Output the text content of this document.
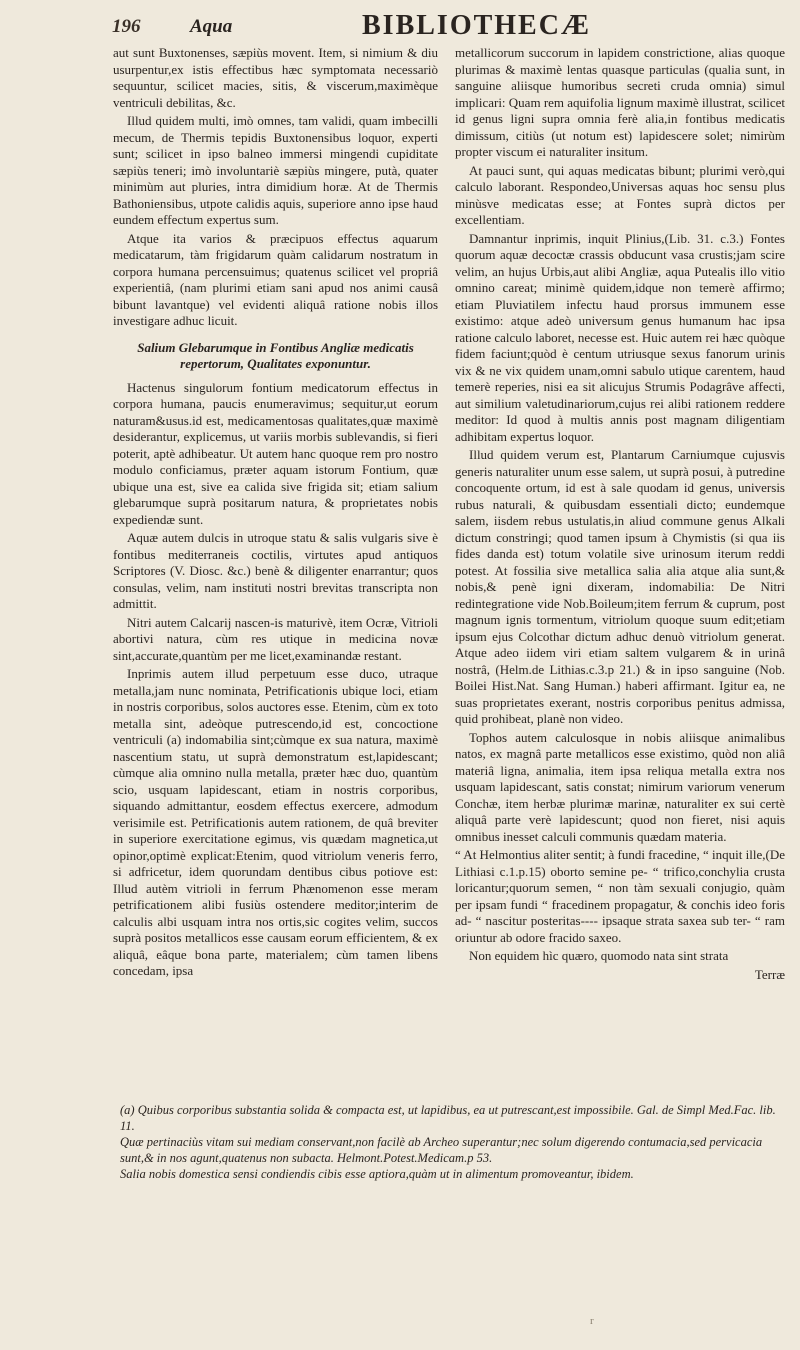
196	Aqua	BIBLIOTHECÆ

aut sunt Buxtonenses, sæpiùs movent. Item, si nimium & diu usurpentur,ex istis effectibus hæc symptomata necessariò sequuntur, scilicet macies, sitis, & viscerum,maximèque ventriculi debilitas, &c.

Illud quidem multi, imò omnes, tam validi, quam imbecilli mecum, de Thermis tepidis Buxtonensibus loquor, experti sunt; scilicet in ipso balneo immersi mingendi cupiditate sæpiùs teneri; imò involuntariè sæpiùs mingere, putà, quater minimùm aut pluries, intra dimidium horæ. At de Thermis Bathoniensibus, utpote calidis aquis, superiore anno ipse haud eundem effectum expertus sum.

Atque ita varios & præcipuos effectus aquarum medicatarum, tàm frigidarum quàm calidarum nostratum in corpora humana percensuimus; quatenus scilicet vel propriâ experientiâ, (nam plurimi etiam sani apud nos animi causâ bibunt lavantque) vel evidenti aliquâ ratione nobis illos investigare adhuc licuit.

Salium Glebarumque in Fontibus Angliæ medicatis repertorum, Qualitates exponuntur.

Hactenus singulorum fontium medicatorum effectus in corpora humana, paucis enumeravimus; sequitur,ut eorum naturam&usus.id est, medicamentosas qualitates,quæ maximè desiderantur, explicemus, ut variis morbis sublevandis, si fieri poterit, aptè adhibeatur. Ut autem hanc quoque rem pro nostro modulo conficiamus, præter aquam istorum Fontium, quæ ubique una est, sive ea calida sive frigida sit; etiam salium glebarumque suprà positarum natura, & proprietates nobis expediendæ sunt.

Aquæ autem dulcis in utroque statu & salis vulgaris sive è fontibus mediterraneis coctilis, virtutes apud antiquos Scriptores (V. Diosc. &c.) benè & diligenter enarrantur; quos consulas, velim, nam instituti nostri brevitas transcripta non admittit.

Nitri autem Calcarij nascen-is maturivè, item Ocræ, Vitrioli abortivi natura, cùm res utique in medicina novæ sint,accurate,quantùm per me licet,examinandæ restant.

Inprimis autem illud perpetuum esse duco, utraque metalla,jam nunc nominata, Petrificationis ubique loci, etiam in nostris corporibus, solos auctores esse. Etenim, cùm ex toto metalla sint, adeòque putrescendo,id est, concoctione ventriculi (a) indomabilia sint;cùmque ex sua natura, maximè nascentium statu, ut suprà demonstratum est,lapidescant; cùmque alia omnino nulla metalla, præter hæc duo, quantùm scio, usquam lapidescant, etiam in nostris corporibus, siquando admittantur, eosdem effectus exercere, admodum verisimile est. Petrificationis autem rationem, de quâ breviter in superiore exercitatione egimus, vis quædam magnetica,ut opinor,optimè explicat:Etenim, quod vitriolum veneris ferro, si adfricetur, idem quorundam dentibus cibus potiove est: Illud autèm vitrioli in ferrum Phænomenon esse meram petrificationem alibi fusiùs ostendere meditor;interim de calculis albi usquam intra nos ortis,sic cogites velim, succos suprà positos metallicos esse causam eorum efficientem, & ex aliquâ, eâque bona parte, materialem; cùm tamen libens concedam, ipsa

metallicorum succorum in lapidem constrictione, alias quoque plurimas & maximè lentas quasque particulas (qualia sunt, in sanguine aliisque humoribus secreti cruda omnia) simul implicari: Quam rem aquifolia lignum maximè illustrat, scilicet id genus ligni supra omnia ferè alia,in fontibus medicatis dimissum, citiùs (ut notum est) lapidescere solet; nimirùm propter viscum ei naturaliter insitum.

At pauci sunt, qui aquas medicatas bibunt; plurimi verò,qui calculo laborant. Respondeo,Universas aquas hoc sensu plus minùsve medicatas esse; at Fontes suprà dictos per excellentiam.

Damnantur inprimis, inquit Plinius,(Lib. 31. c.3.) Fontes quorum aquæ decoctæ crassis obducunt vasa crustis;jam scire velim, an hujus Urbis,aut alibi Angliæ, aqua Putealis illo vitio omnino careat; minimè quidem,idque non temerè affirmo; etiam Pluviatilem infectu haud prorsus immunem esse existimo: atque adeò universum genus humanum hac ipsa ratione calculo laboret, necesse est. Huic autem rei hæc quòque fidem faciunt;quòd è centum utriusque sexus fanorum urinis vix & ne vix quidem unam,omni sabulo utique carentem, haud temerè reperies, nisi ea sit alicujus Strumis Podagrâve affecti, aut similium valetudinariorum,cujus rei alibi rationem reddere meditor: Id quod à multis annis post magnam diligentiam adhibitam expertus loquor.

Illud quidem verum est, Plantarum Carniumque cujusvis generis naturaliter unum esse salem, ut suprà posui, à putredine concoquente ortum, id est à sale quodam id genus, universis rubus naturali, & quibusdam essentiali dicto; eundemque salem, iisdem rebus ustulatis,in aliud commune genus Alkali dictum constringi; quod tamen ipsum à Chymistis (si qua iis fides danda est) totum volatile sive urinosum iterum reddi potest. At fossilia sive metallica salia alia atque alia sunt,& nobis,& penè igni dixeram, indomabilia: De Nitri redintegratione vide Nob.Boileum;item ferrum & cuprum, post magnum ignis tormentum, vitriolum quoque suum edit;etiam ipsum ejus Colcothar dictum adhuc denuò vitriolum generat. Atque adeo iidem viri etiam saltem vulgarem & in urinâ nostrâ, (Helm.de Lithias.c.3.p 21.) & in ipso sanguine (Nob. Boilei Hist.Nat. Sang Human.) haberi affirmant. Igitur ea, ne suas proprietates exerant, nostris corporibus penitus admissa, quid prohibeat, planè non video.

Tophos autem calculosque in nobis aliisque animalibus natos, ex magnâ parte metallicos esse existimo, quòd non aliâ materiâ ligna, animalia, item ipsa reliqua metalla extra nos usquam lapidescant, satis constat; nimirum variorum venerum Conchæ, item herbæ plurimæ marinæ, naturaliter ex sui certè aliquâ parte verè lapidescunt; quod non fieret, nisi aquis omnibus inesset calculi communis quædam materia.

“ At Helmontius aliter sentit; à fundi fracedine, “ inquit ille,(De Lithiasi c.1.p.15) oborto semine pe- “ trifico,conchylia crusta loricantur;quorum semen, “ non tàm sexuali conjugio, quàm per ipsam fundi “ fracedinem propagatur, & conchis ideo foris ad- “ nascitur posteritas---- ipsaque strata saxea sub ter- “ ram oriuntur ab odore fracido saxeo.

Non equidem hìc quæro, quomodo nata sint strata

Terræ

(a) Quibus corporibus substantia solida & compacta est, ut lapidibus, ea ut putrescant,est impossibile. Gal. de Simpl Med.Fac. lib. 11.

Quæ pertinaciùs vitam sui mediam conservant,non facilè ab Archeo superantur;nec solum digerendo contumacia,sed pervicacia sunt,& in nos agunt,quatenus non subacta. Helmont.Potest.Medicam.p 53.

Salia nobis domestica sensi condiendis cibis esse aptiora,quàm ut in alimentum promoveantur, ibidem.

r
